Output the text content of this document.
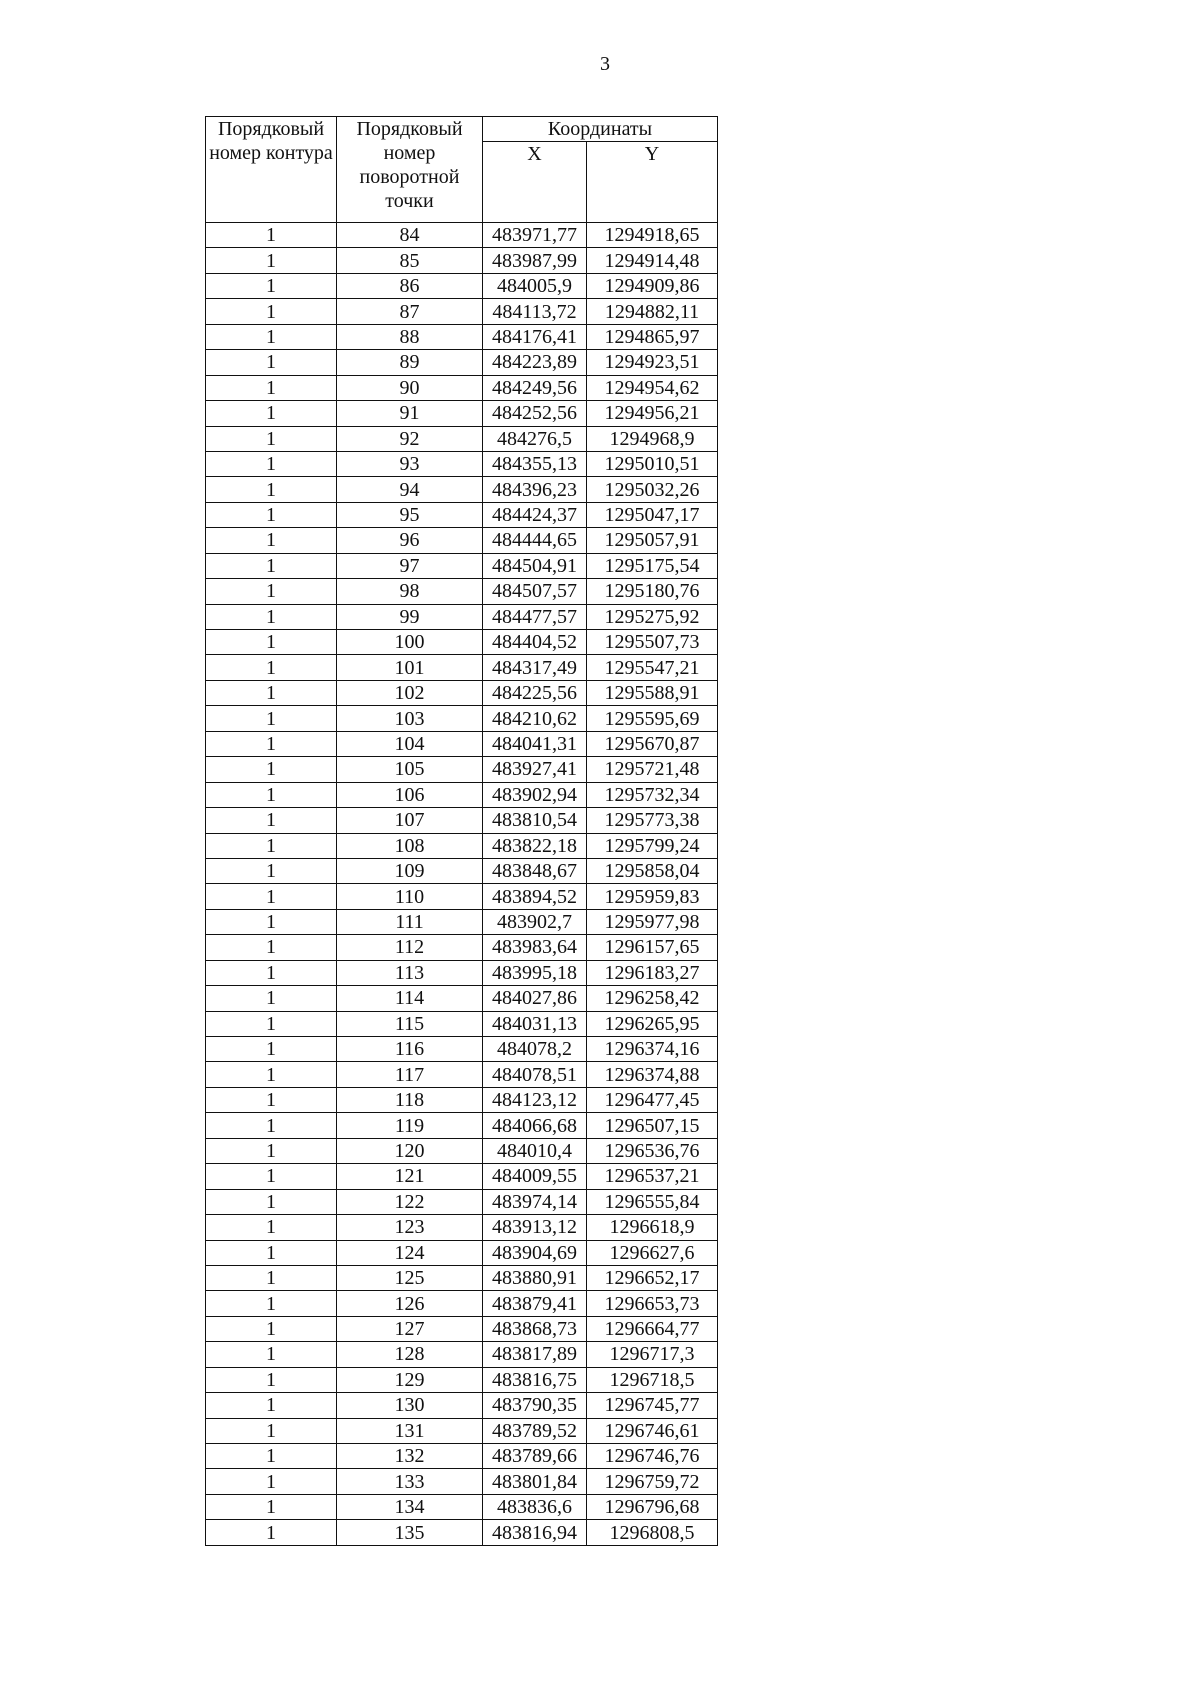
3
Порядковый номер контура	Порядковый номер поворотной точки	Координаты	
		X	Y
1	84	483971,77	1294918,65
1	85	483987,99	1294914,48
1	86	484005,9	1294909,86
1	87	484113,72	1294882,11
1	88	484176,41	1294865,97
1	89	484223,89	1294923,51
1	90	484249,56	1294954,62
1	91	484252,56	1294956,21
1	92	484276,5	1294968,9
1	93	484355,13	1295010,51
1	94	484396,23	1295032,26
1	95	484424,37	1295047,17
1	96	484444,65	1295057,91
1	97	484504,91	1295175,54
1	98	484507,57	1295180,76
1	99	484477,57	1295275,92
1	100	484404,52	1295507,73
1	101	484317,49	1295547,21
1	102	484225,56	1295588,91
1	103	484210,62	1295595,69
1	104	484041,31	1295670,87
1	105	483927,41	1295721,48
1	106	483902,94	1295732,34
1	107	483810,54	1295773,38
1	108	483822,18	1295799,24
1	109	483848,67	1295858,04
1	110	483894,52	1295959,83
1	111	483902,7	1295977,98
1	112	483983,64	1296157,65
1	113	483995,18	1296183,27
1	114	484027,86	1296258,42
1	115	484031,13	1296265,95
1	116	484078,2	1296374,16
1	117	484078,51	1296374,88
1	118	484123,12	1296477,45
1	119	484066,68	1296507,15
1	120	484010,4	1296536,76
1	121	484009,55	1296537,21
1	122	483974,14	1296555,84
1	123	483913,12	1296618,9
1	124	483904,69	1296627,6
1	125	483880,91	1296652,17
1	126	483879,41	1296653,73
1	127	483868,73	1296664,77
1	128	483817,89	1296717,3
1	129	483816,75	1296718,5
1	130	483790,35	1296745,77
1	131	483789,52	1296746,61
1	132	483789,66	1296746,76
1	133	483801,84	1296759,72
1	134	483836,6	1296796,68
1	135	483816,94	1296808,5
